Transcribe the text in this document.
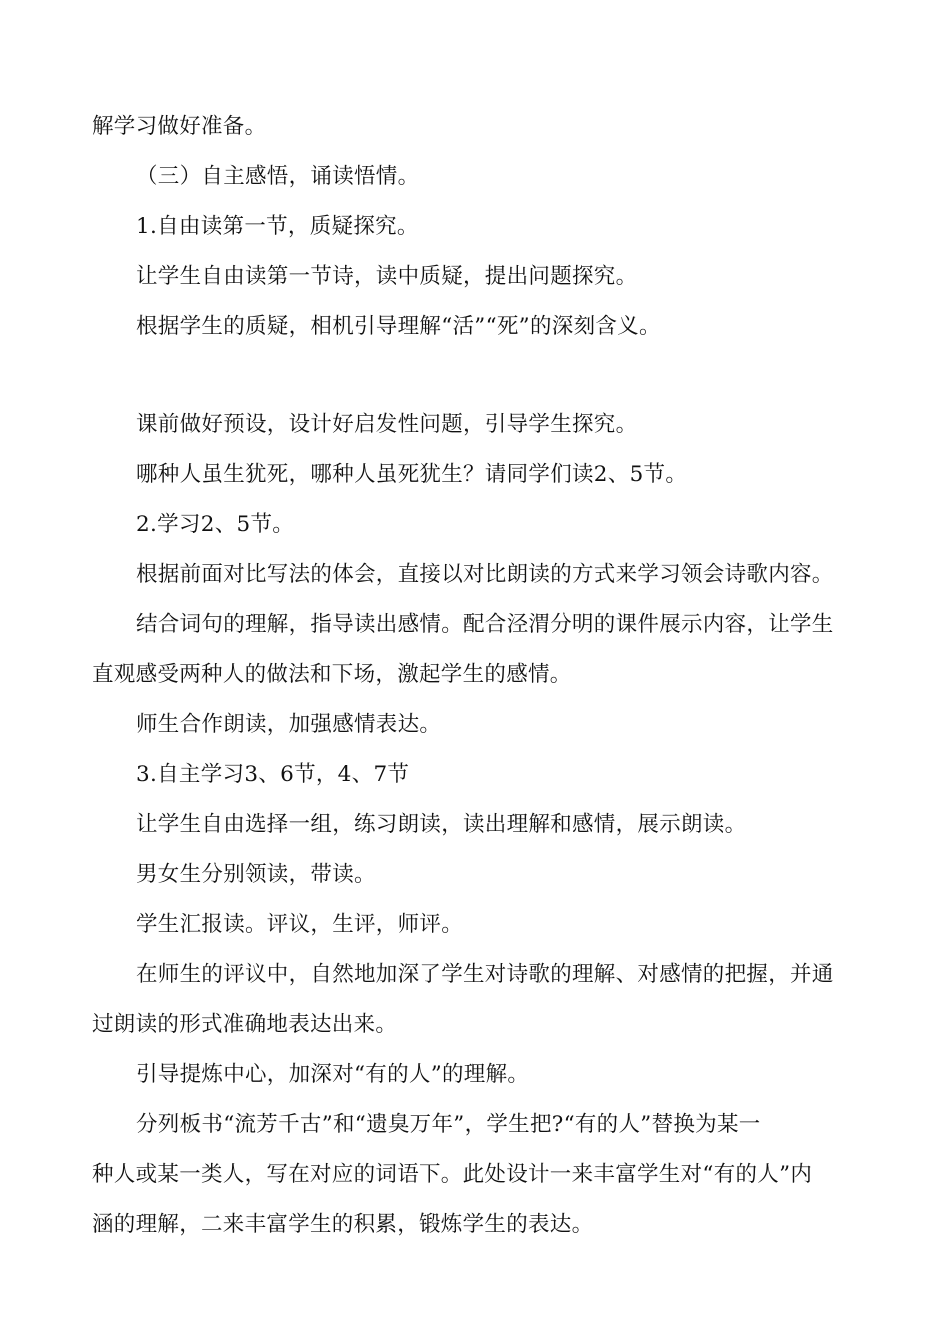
解学习做好准备。
（三）自主感悟，诵读悟情。
1.自由读第一节，质疑探究。
让学生自由读第一节诗，读中质疑，提出问题探究。
根据学生的质疑，相机引导理解“活”“死”的深刻含义。
课前做好预设，设计好启发性问题，引导学生探究。
哪种人虽生犹死，哪种人虽死犹生？请同学们读2、5节。
2.学习2、5节。
根据前面对比写法的体会，直接以对比朗读的方式来学习领会诗歌内容。
结合词句的理解，指导读出感情。配合泾渭分明的课件展示内容，让学生
直观感受两种人的做法和下场，激起学生的感情。
师生合作朗读，加强感情表达。
3.自主学习3、6节，4、7节
让学生自由选择一组，练习朗读，读出理解和感情，展示朗读。
男女生分别领读，带读。
学生汇报读。评议，生评，师评。
在师生的评议中，自然地加深了学生对诗歌的理解、对感情的把握，并通
过朗读的形式准确地表达出来。
引导提炼中心，加深对“有的人”的理解。
分列板书“流芳千古”和“遗臭万年”，学生把?“有的人”替换为某一
种人或某一类人，写在对应的词语下。此处设计一来丰富学生对“有的人”内
涵的理解，二来丰富学生的积累，锻炼学生的表达。
